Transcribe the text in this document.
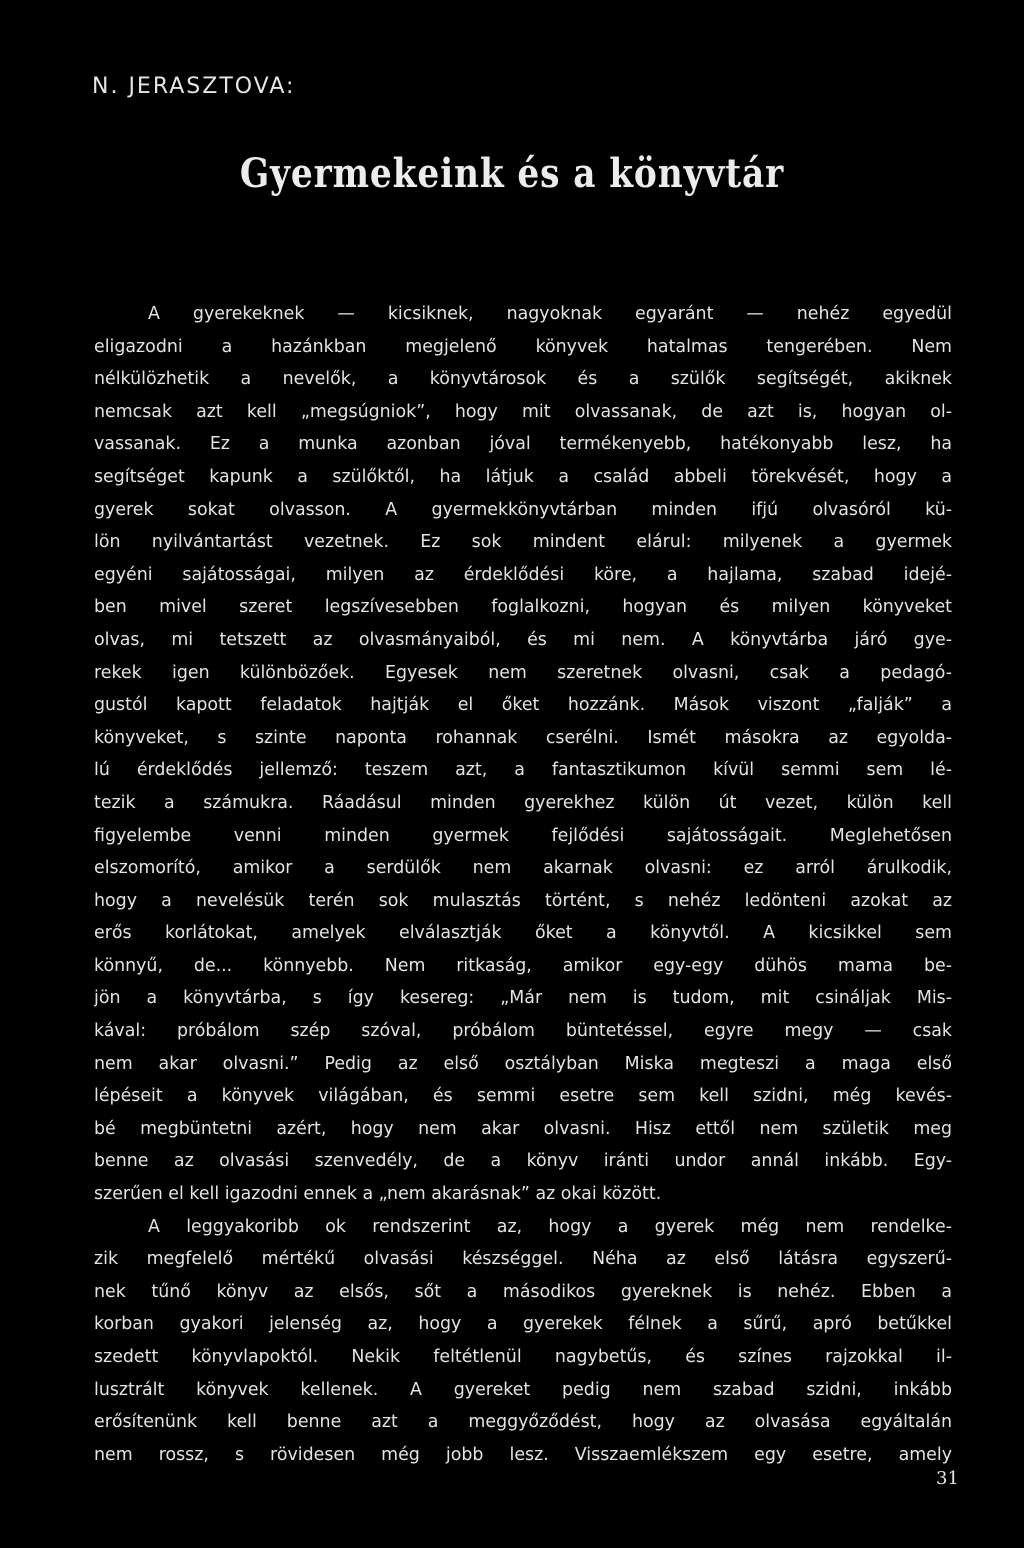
N. JERASZTOVA:
Gyermekeink és a könyvtár
A gyerekeknek — kicsiknek, nagyoknak egyaránt — nehéz egyedül
eligazodni a hazánkban megjelenő könyvek hatalmas tengerében. Nem
nélkülözhetik a nevelők, a könyvtárosok és a szülők segítségét, akiknek
nemcsak azt kell „megsúgniok”, hogy mit olvassanak, de azt is, hogyan ol-
vassanak. Ez a munka azonban jóval termékenyebb, hatékonyabb lesz, ha
segítséget kapunk a szülőktől, ha látjuk a család abbeli törekvését, hogy a
gyerek sokat olvasson. A gyermekkönyvtárban minden ifjú olvasóról kü-
lön nyilvántartást vezetnek. Ez sok mindent elárul: milyenek a gyermek
egyéni sajátosságai, milyen az érdeklődési köre, a hajlama, szabad idejé-
ben mivel szeret legszívesebben foglalkozni, hogyan és milyen könyveket
olvas, mi tetszett az olvasmányaiból, és mi nem. A könyvtárba járó gye-
rekek igen különbözőek. Egyesek nem szeretnek olvasni, csak a pedagó-
gustól kapott feladatok hajtják el őket hozzánk. Mások viszont „falják” a
könyveket, s szinte naponta rohannak cserélni. Ismét másokra az egyolda-
lú érdeklődés jellemző: teszem azt, a fantasztikumon kívül semmi sem lé-
tezik a számukra. Ráadásul minden gyerekhez külön út vezet, külön kell
figyelembe venni minden gyermek fejlődési sajátosságait. Meglehetősen
elszomorító, amikor a serdülők nem akarnak olvasni: ez arról árulkodik,
hogy a nevelésük terén sok mulasztás történt, s nehéz ledönteni azokat az
erős korlátokat, amelyek elválasztják őket a könyvtől. A kicsikkel sem
könnyű, de... könnyebb. Nem ritkaság, amikor egy-egy dühös mama be-
jön a könyvtárba, s így kesereg: „Már nem is tudom, mit csináljak Mis-
kával: próbálom szép szóval, próbálom büntetéssel, egyre megy — csak
nem akar olvasni.” Pedig az első osztályban Miska megteszi a maga első
lépéseit a könyvek világában, és semmi esetre sem kell szidni, még kevés-
bé megbüntetni azért, hogy nem akar olvasni. Hisz ettől nem születik meg
benne az olvasási szenvedély, de a könyv iránti undor annál inkább. Egy-
szerűen el kell igazodni ennek a „nem akarásnak” az okai között.
A leggyakoribb ok rendszerint az, hogy a gyerek még nem rendelke-
zik megfelelő mértékű olvasási készséggel. Néha az első látásra egyszerű-
nek tűnő könyv az elsős, sőt a másodikos gyereknek is nehéz. Ebben a
korban gyakori jelenség az, hogy a gyerekek félnek a sűrű, apró betűkkel
szedett könyvlapoktól. Nekik feltétlenül nagybetűs, és színes rajzokkal il-
lusztrált könyvek kellenek. A gyereket pedig nem szabad szidni, inkább
erősítenünk kell benne azt a meggyőződést, hogy az olvasása egyáltalán
nem rossz, s rövidesen még jobb lesz. Visszaemlékszem egy esetre, amely
31
